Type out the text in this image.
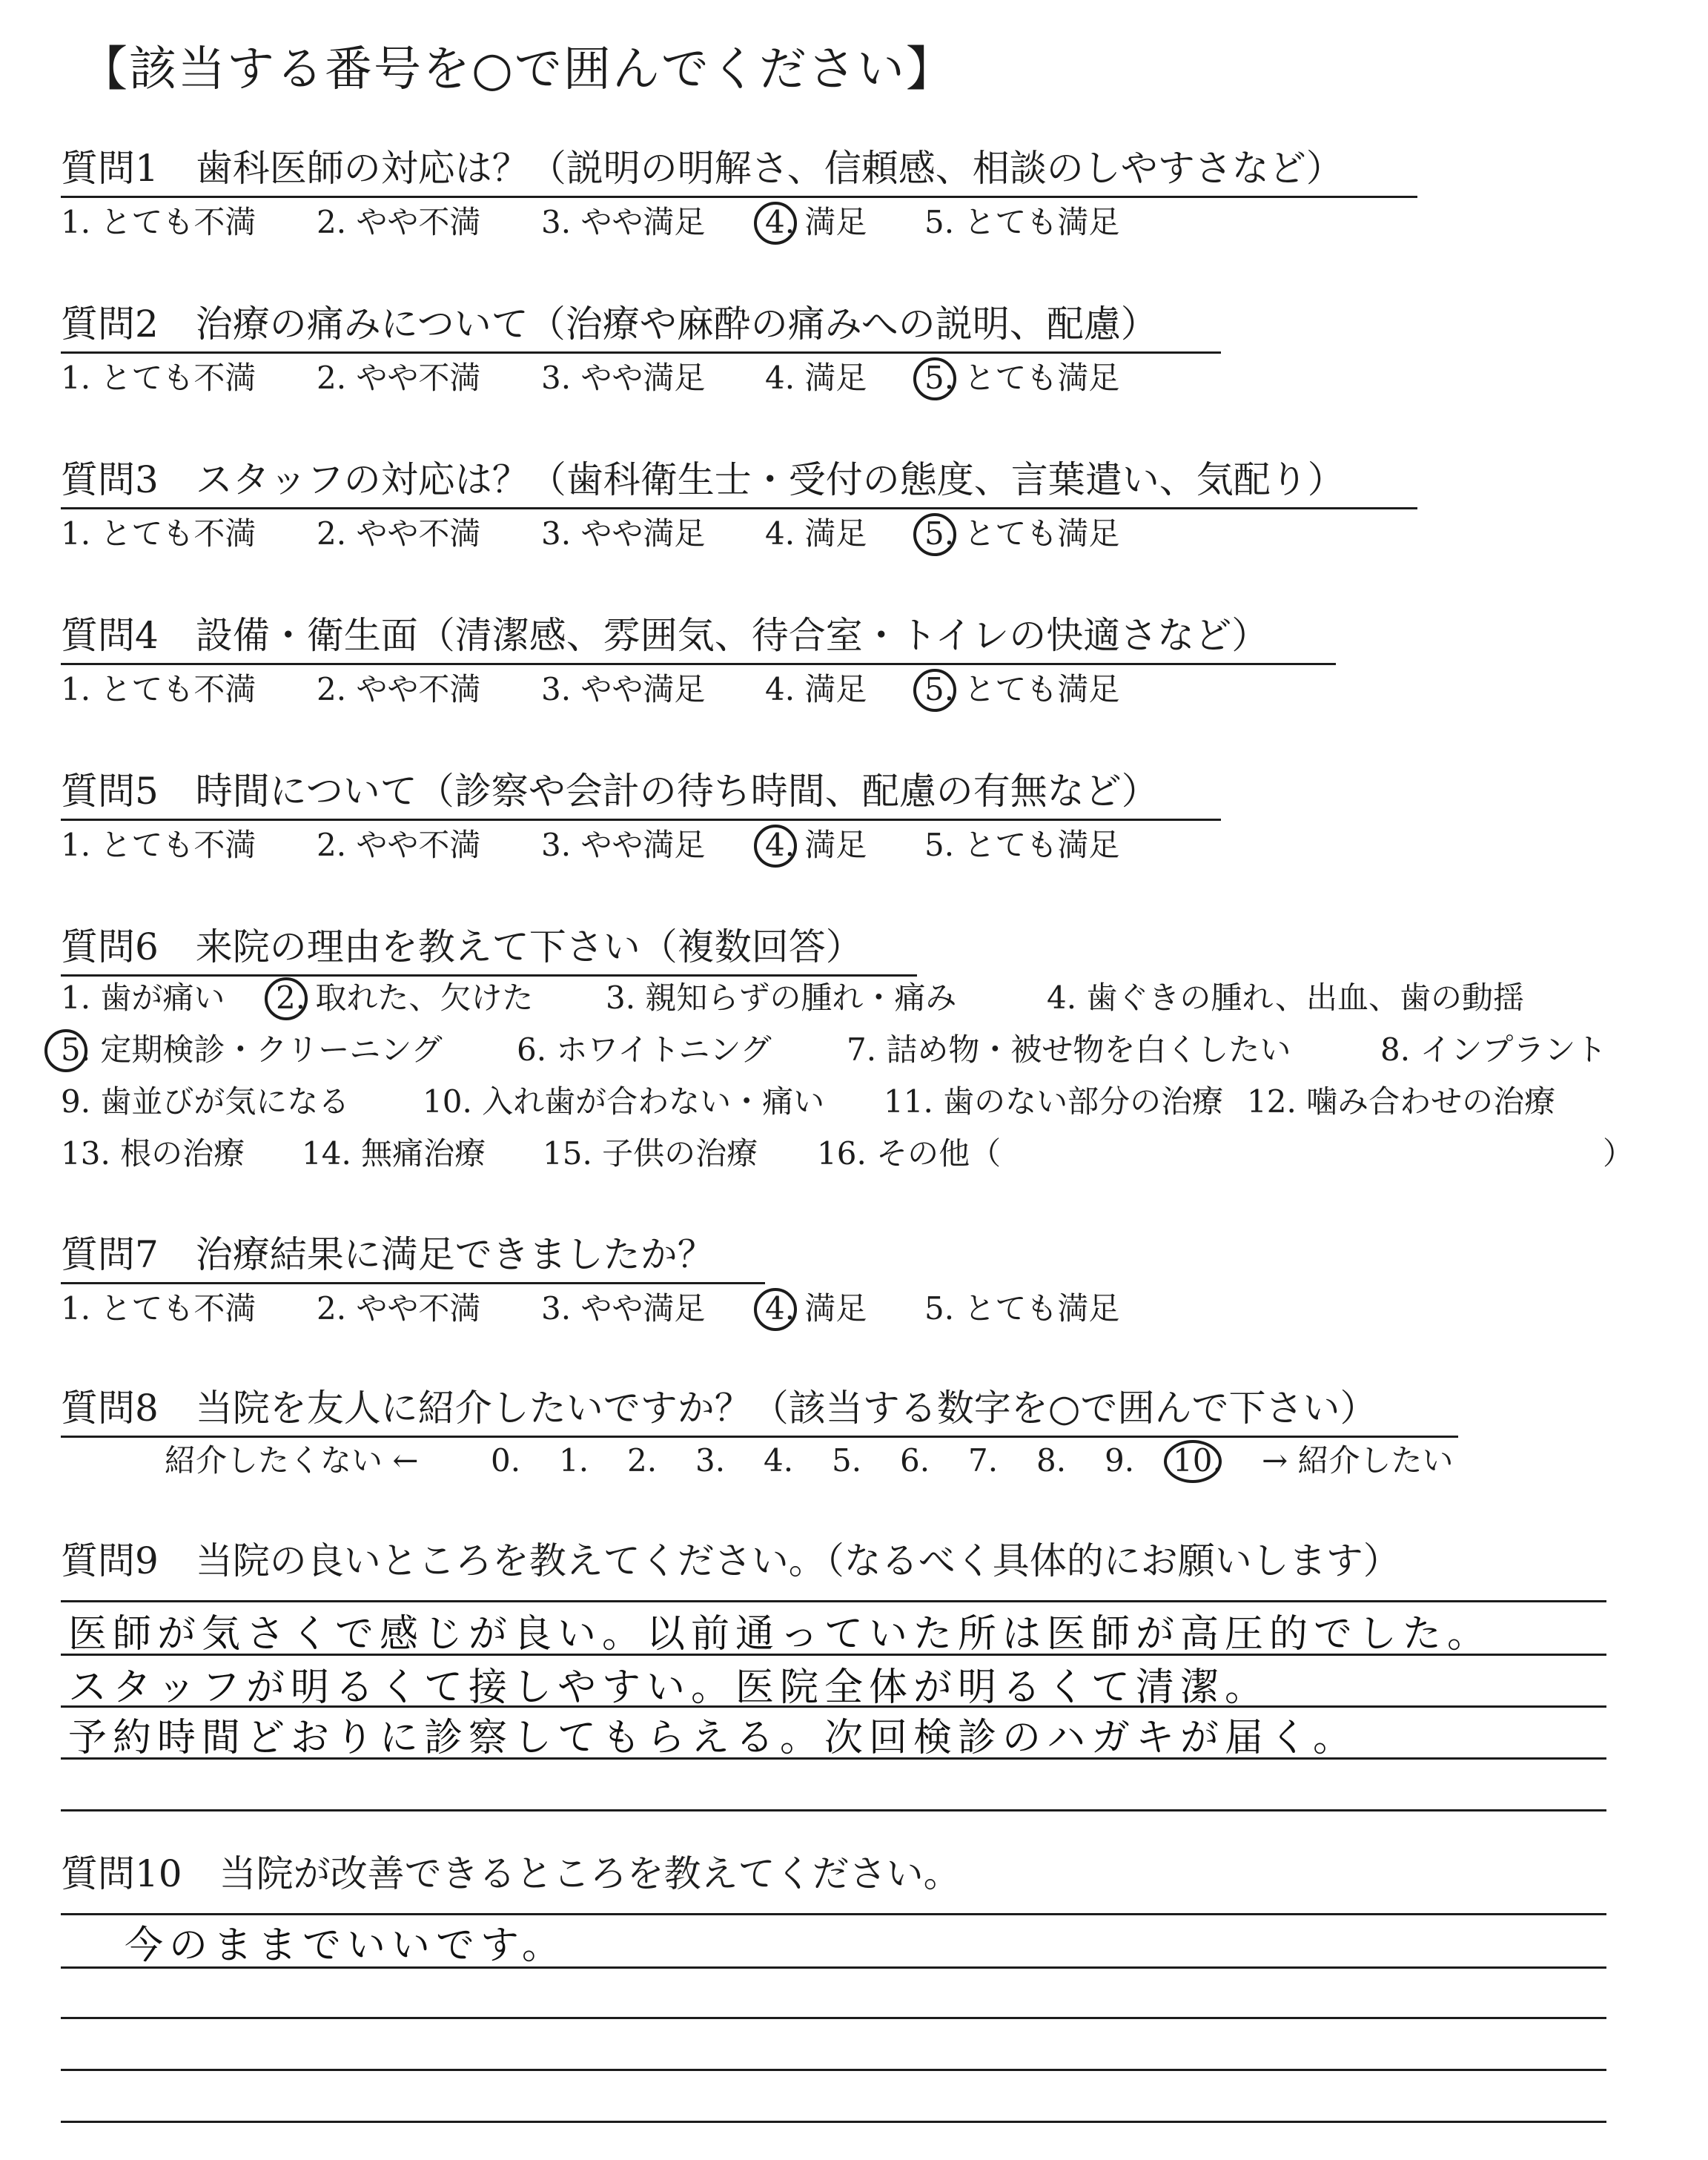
【該当する番号を○で囲んでください】
質問1　歯科医師の対応は？（説明の明解さ、信頼感、相談のしやすさなど）
1. とても不満 2. やや不満 3. やや満足 4. 満足 5. とても満足
質問2　治療の痛みについて（治療や麻酔の痛みへの説明、配慮）
1. とても不満 2. やや不満 3. やや満足 4. 満足 5. とても満足
質問3　スタッフの対応は？（歯科衛生士・受付の態度、言葉遣い、気配り）
1. とても不満 2. やや不満 3. やや満足 4. 満足 5. とても満足
質問4　設備・衛生面（清潔感、雰囲気、待合室・トイレの快適さなど）
1. とても不満 2. やや不満 3. やや満足 4. 満足 5. とても満足
質問5　時間について（診察や会計の待ち時間、配慮の有無など）
1. とても不満 2. やや不満 3. やや満足 4. 満足 5. とても満足
質問6　来院の理由を教えて下さい（複数回答）
1. 歯が痛い 2. 取れた、欠けた 3. 親知らずの腫れ・痛み	4. 歯ぐきの腫れ、出血、歯の動揺
5. 定期検診・クリーニング 6. ホワイトニング 7. 詰め物・被せ物を白くしたい	8. インプラント
9. 歯並びが気になる 10. 入れ歯が合わない・痛い 11. 歯のない部分の治療 12. 噛み合わせの治療
13. 根の治療 14. 無痛治療 15. 子供の治療 16. その他（	）
質問7　治療結果に満足できましたか？
1. とても不満 2. やや不満 3. やや満足 4. 満足 5. とても満足
質問8　当院を友人に紹介したいですか？（該当する数字を○で囲んで下さい）
紹介したくない ← 0. 1. 2. 3. 4. 5. 6. 7. 8. 9. 10. → 紹介したい
質問9　当院の良いところを教えてください。（なるべく具体的にお願いします）
医師が気さくで感じが良い。以前通っていた所は医師が高圧的でした。
スタッフが明るくて接しやすい。医院全体が明るくて清潔。
予約時間どおりに診察してもらえる。次回検診のハガキが届く。
質問10　当院が改善できるところを教えてください。
今のままでいいです。
